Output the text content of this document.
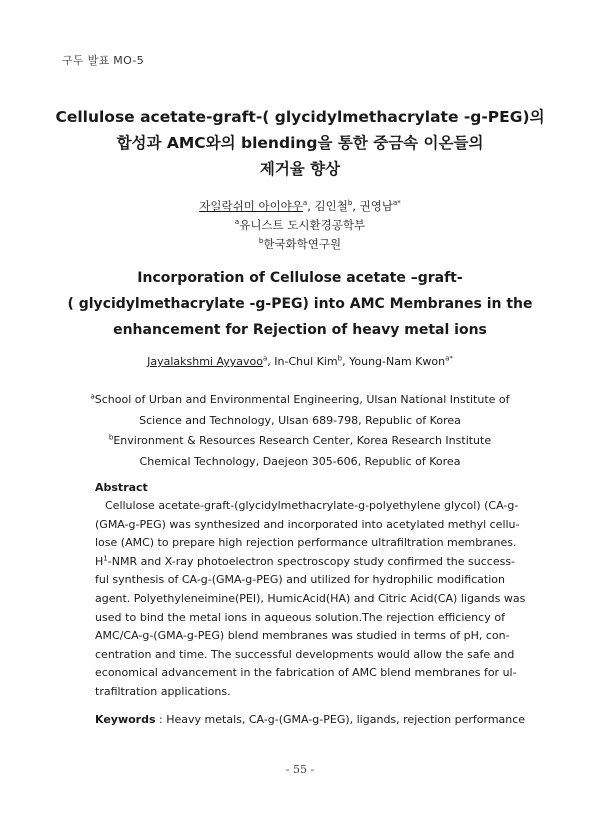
구두 발표 MO-5
Cellulose acetate-graft-( glycidylmethacrylate -g-PEG)의
합성과 AMC와의 blending을 통한 중금속 이온들의
제거율 향상
자일락쉬미 아이야우$^a$, 김인철$^b$, 권영남$^{a*}$
$^a$유니스트 도시환경공학부
$^b$한국화학연구원
Incorporation of Cellulose acetate –graft-
( glycidylmethacrylate -g-PEG) into AMC Membranes in the
enhancement for Rejection of heavy metal ions
Jayalakshmi Ayyavoo$^a$, In-Chul Kim$^b$, Young-Nam Kwon$^{a*}$
$^a$School of Urban and Environmental Engineering, Ulsan National Institute of
Science and Technology, Ulsan 689-798, Republic of Korea
$^b$Environment & Resources Research Center, Korea Research Institute
Chemical Technology, Daejeon 305-606, Republic of Korea
Abstract
Cellulose acetate-graft-(glycidylmethacrylate-g-polyethylene glycol) (CA-g-
(GMA-g-PEG) was synthesized and incorporated into acetylated methyl cellu-
lose (AMC) to prepare high rejection performance ultrafiltration membranes.
$H^1$-NMR and X-ray photoelectron spectroscopy study confirmed the success-
ful synthesis of CA-g-(GMA-g-PEG) and utilized for hydrophilic modification
agent. Polyethyleneimine(PEI), HumicAcid(HA) and Citric Acid(CA) ligands was
used to bind the metal ions in aqueous solution.The rejection efficiency of
AMC/CA-g-(GMA-g-PEG) blend membranes was studied in terms of pH, con-
centration and time. The successful developments would allow the safe and
economical advancement in the fabrication of AMC blend membranes for ul-
trafiltration applications.
Keywords : Heavy metals, CA-g-(GMA-g-PEG), ligands, rejection performance
- 55 -
